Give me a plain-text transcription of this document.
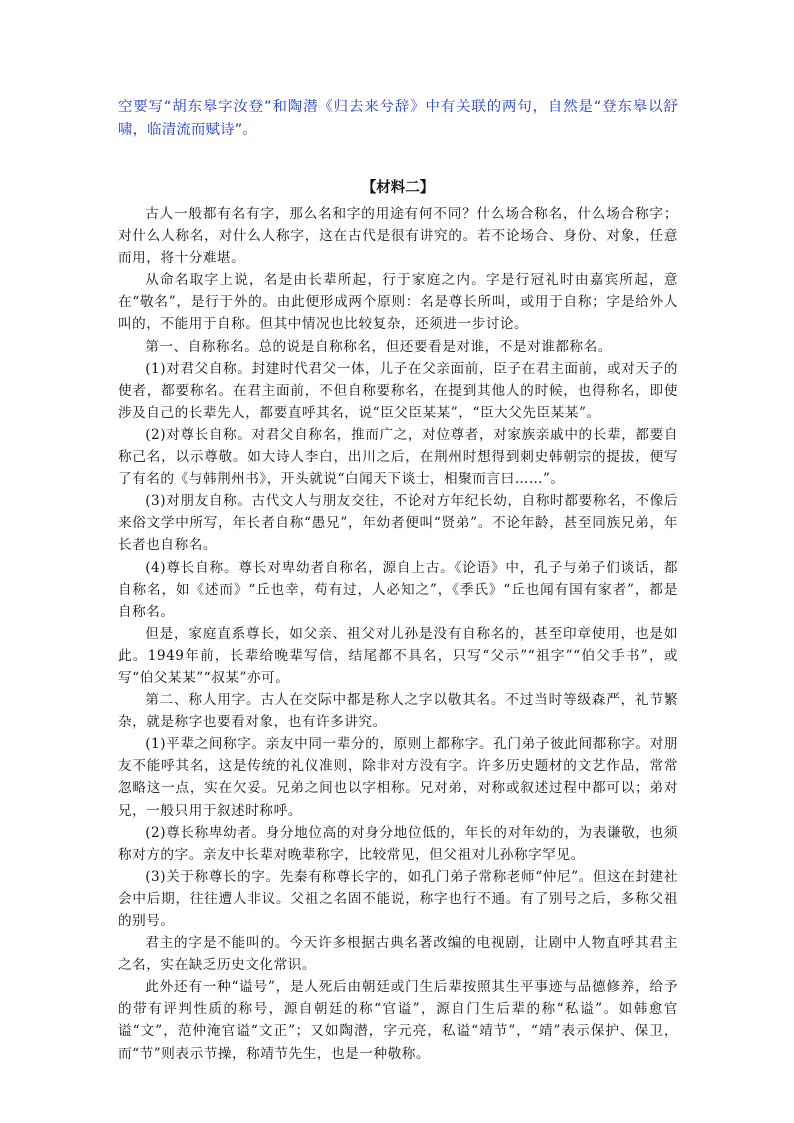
空要写“胡东皋字汝登”和陶潜《归去来兮辞》中有关联的两句，自然是“登东皋以舒啸，临清流而赋诗”。

【材料二】

古人一般都有名有字，那么名和字的用途有何不同？什么场合称名，什么场合称字；对什么人称名，对什么人称字，这在古代是很有讲究的。若不论场合、身份、对象，任意而用，将十分难堪。

从命名取字上说，名是由长辈所起，行于家庭之内。字是行冠礼时由嘉宾所起，意在“敬名”，是行于外的。由此便形成两个原则：名是尊长所叫，或用于自称；字是给外人叫的，不能用于自称。但其中情况也比较复杂，还须进一步讨论。

第一、自称称名。总的说是自称称名，但还要看是对谁，不是对谁都称名。

(1)对君父自称。封建时代君父一体，儿子在父亲面前，臣子在君主面前，或对天子的使者，都要称名。在君主面前，不但自称要称名，在提到其他人的时候，也得称名，即使涉及自己的长辈先人，都要直呼其名，说“臣父臣某某”，“臣大父先臣某某”。

(2)对尊长自称。对君父自称名，推而广之，对位尊者，对家族亲戚中的长辈，都要自称己名，以示尊敬。如大诗人李白，出川之后，在荆州时想得到刺史韩朝宗的提拔，便写了有名的《与韩荆州书》，开头就说“白闻天下谈士，相聚而言曰……”。

(3)对朋友自称。古代文人与朋友交往，不论对方年纪长幼，自称时都要称名，不像后来俗文学中所写，年长者自称“愚兄”，年幼者便叫“贤弟”。不论年龄，甚至同族兄弟，年长者也自称名。

(4)尊长自称。尊长对卑幼者自称名，源自上古。《论语》中，孔子与弟子们谈话，都自称名，如《述而》“丘也幸，苟有过，人必知之”，《季氏》“丘也闻有国有家者”，都是自称名。

但是，家庭直系尊长，如父亲、祖父对儿孙是没有自称名的，甚至印章使用，也是如此。1949年前，长辈给晚辈写信，结尾都不具名，只写“父示”“祖字”“伯父手书”，或写“伯父某某”“叔某”亦可。

第二、称人用字。古人在交际中都是称人之字以敬其名。不过当时等级森严，礼节繁杂，就是称字也要看对象，也有许多讲究。

(1)平辈之间称字。亲友中同一辈分的，原则上都称字。孔门弟子彼此间都称字。对朋友不能呼其名，这是传统的礼仪准则，除非对方没有字。许多历史题材的文艺作品，常常忽略这一点，实在欠妥。兄弟之间也以字相称。兄对弟，对称或叙述过程中都可以；弟对兄，一般只用于叙述时称呼。

(2)尊长称卑幼者。身分地位高的对身分地位低的，年长的对年幼的，为表谦敬，也须称对方的字。亲友中长辈对晚辈称字，比较常见，但父祖对儿孙称字罕见。

(3)关于称尊长的字。先秦有称尊长字的，如孔门弟子常称老师“仲尼”。但这在封建社会中后期，往往遭人非议。父祖之名固不能说，称字也行不通。有了别号之后，多称父祖的别号。

君主的字是不能叫的。今天许多根据古典名著改编的电视剧，让剧中人物直呼其君主之名，实在缺乏历史文化常识。

此外还有一种“谥号”，是人死后由朝廷或门生后辈按照其生平事迹与品德修养，给予的带有评判性质的称号，源自朝廷的称“官谥”，源自门生后辈的称“私谥”。如韩愈官谥“文”，范仲淹官谥“文正”；又如陶潜，字元亮，私谥“靖节”，“靖”表示保护、保卫，而“节”则表示节操，称靖节先生，也是一种敬称。
